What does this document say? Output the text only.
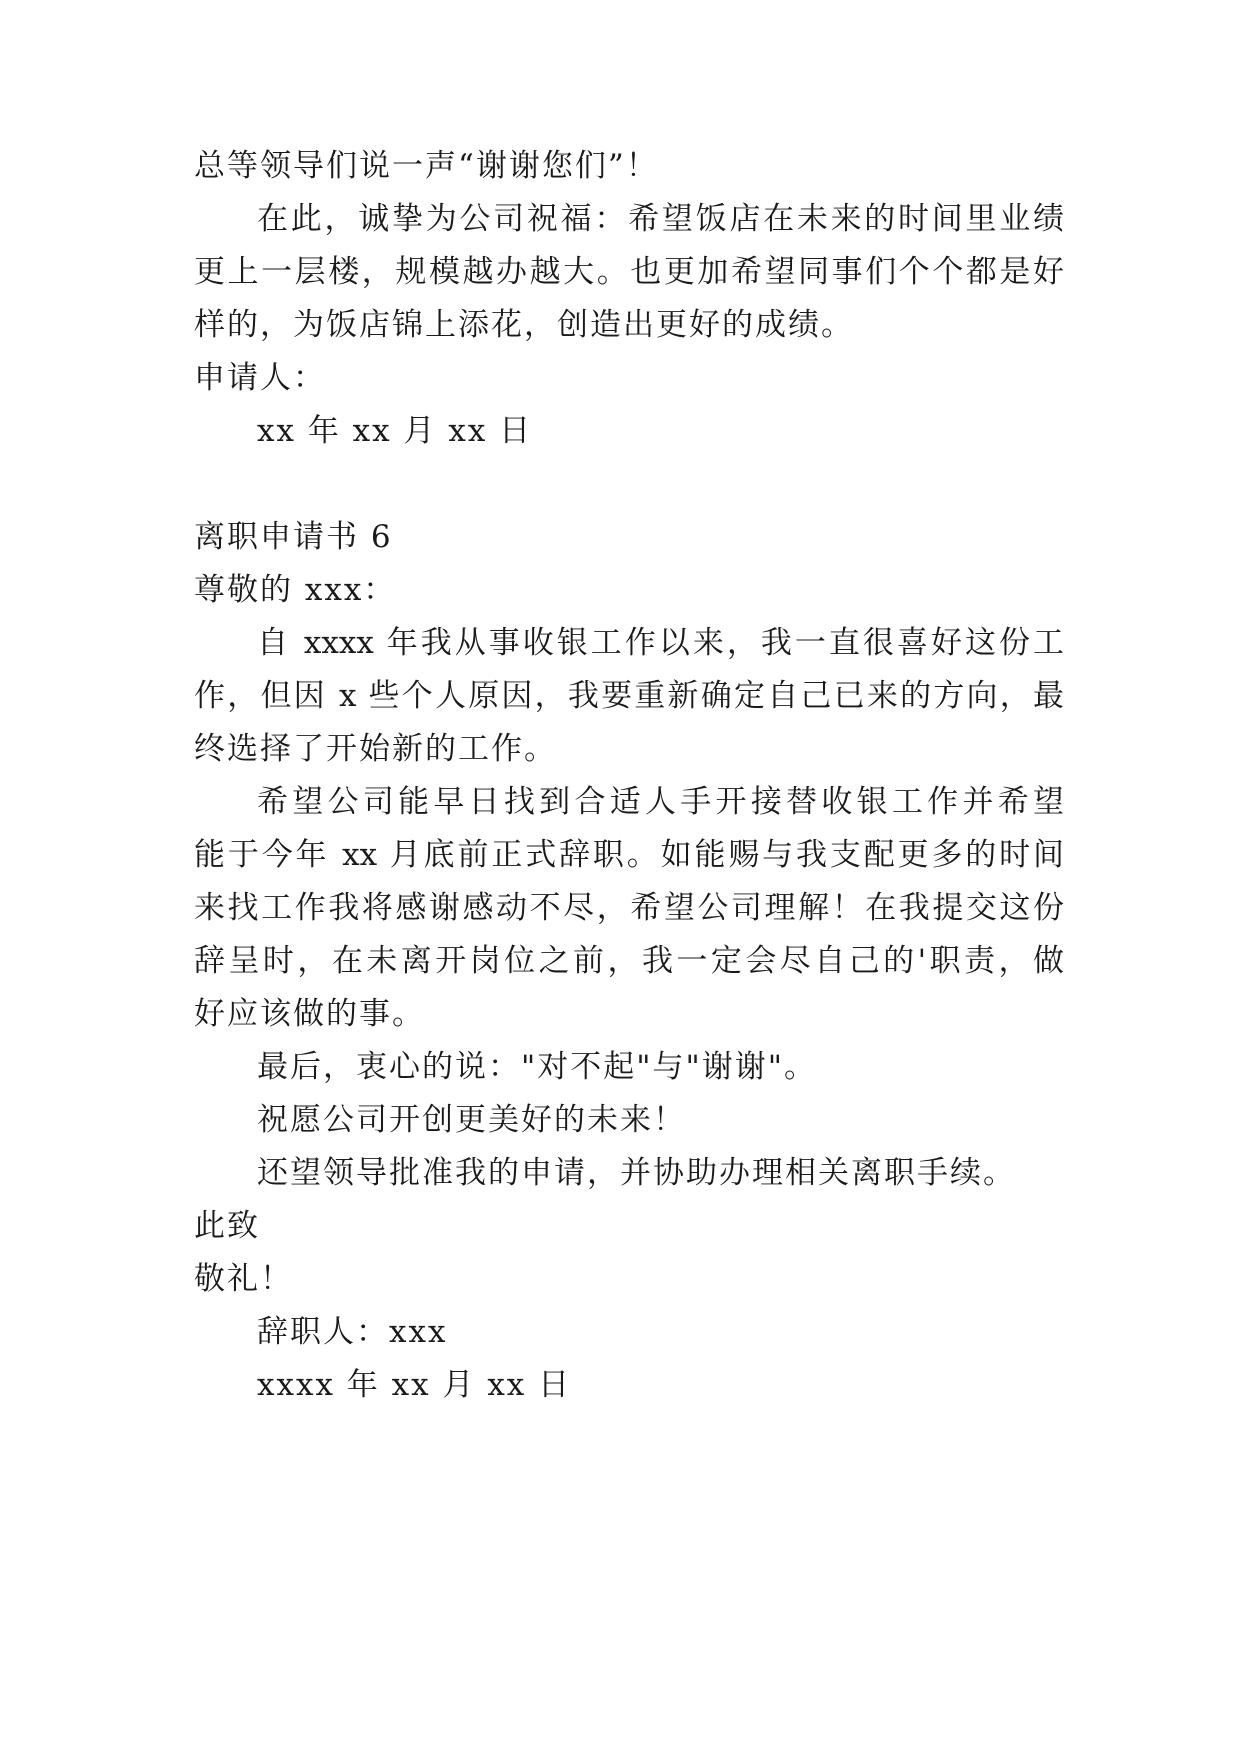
总等领导们说一声“谢谢您们”！
在此，诚挚为公司祝福：希望饭店在未来的时间里业绩
更上一层楼，规模越办越大。也更加希望同事们个个都是好
样的，为饭店锦上添花，创造出更好的成绩。
申请人：
xx 年 xx 月 xx 日
离职申请书 6
尊敬的 xxx：
自 xxxx 年我从事收银工作以来，我一直很喜好这份工
作，但因 x 些个人原因，我要重新确定自己已来的方向，最
终选择了开始新的工作。
希望公司能早日找到合适人手开接替收银工作并希望
能于今年 xx 月底前正式辞职。如能赐与我支配更多的时间
来找工作我将感谢感动不尽，希望公司理解！在我提交这份
辞呈时，在未离开岗位之前，我一定会尽自己的'职责，做
好应该做的事。
最后，衷心的说："对不起"与"谢谢"。
祝愿公司开创更美好的未来！
还望领导批准我的申请，并协助办理相关离职手续。
此致
敬礼！
辞职人：xxx
xxxx 年 xx 月 xx 日
